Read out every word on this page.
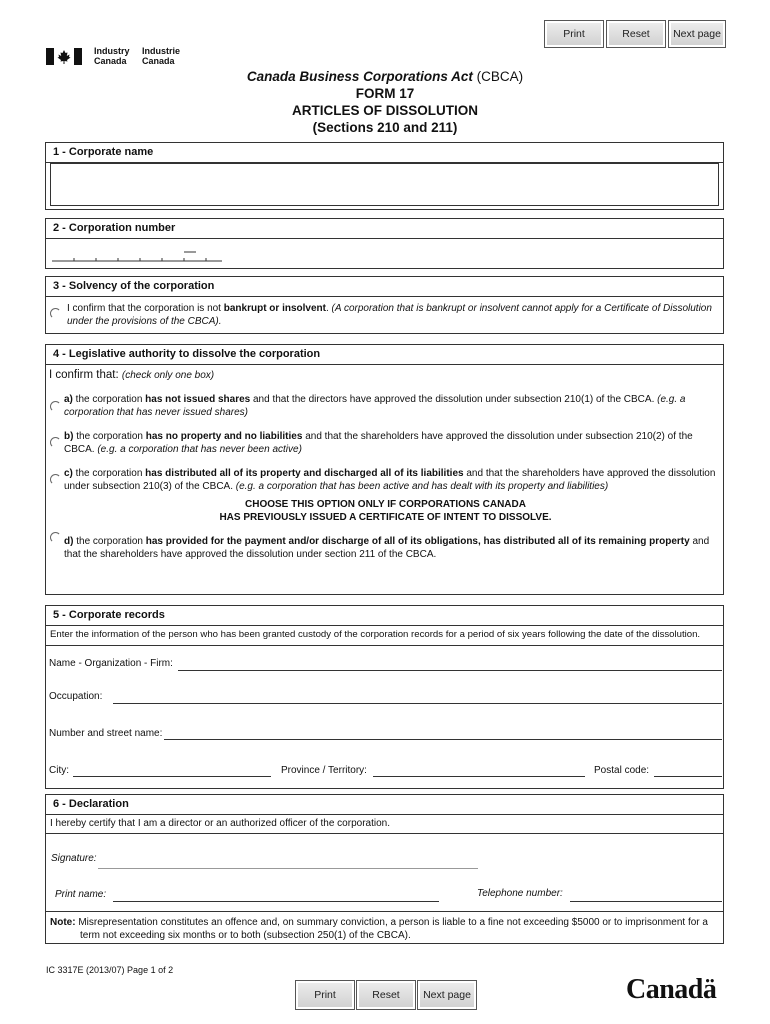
Print	Reset	Next page
Industry
Canada
Industrie
Canada
Canada Business Corporations Act (CBCA)
FORM 17
ARTICLES OF DISSOLUTION
(Sections 210 and 211)
1 - Corporate name
2 - Corporation number
3 - Solvency of the corporation
I confirm that the corporation is not bankrupt or insolvent. (A corporation that is bankrupt or insolvent cannot apply for a Certificate of Dissolution
under the provisions of the CBCA).
4 - Legislative authority to dissolve the corporation
I confirm that: (check only one box)
a) the corporation has not issued shares and that the directors have approved the dissolution under subsection 210(1) of the CBCA. (e.g. a
corporation that has never issued shares)
b) the corporation has no property and no liabilities and that the shareholders have approved the dissolution under subsection 210(2) of the
CBCA. (e.g. a corporation that has never been active)
c) the corporation has distributed all of its property and discharged all of its liabilities and that the shareholders have approved the dissolution
under subsection 210(3) of the CBCA. (e.g. a corporation that has been active and has dealt with its property and liabilities)
CHOOSE THIS OPTION ONLY IF CORPORATIONS CANADA
HAS PREVIOUSLY ISSUED A CERTIFICATE OF INTENT TO DISSOLVE.
d) the corporation has provided for the payment and/or discharge of all of its obligations, has distributed all of its remaining property and
that the shareholders have approved the dissolution under section 211 of the CBCA.
5 - Corporate records
Enter the information of the person who has been granted custody of the corporation records for a period of six years following the date of the dissolution.
Name - Organization - Firm:
Occupation:
Number and street name:
City:	Province / Territory:	Postal code:
6 - Declaration
I hereby certify that I am a director or an authorized officer of the corporation.
Signature:
Print name:	Telephone number:
Note: Misrepresentation constitutes an offence and, on summary conviction, a person is liable to a fine not exceeding $5000 or to imprisonment for a
term not exceeding six months or to both (subsection 250(1) of the CBCA).
IC 3317E (2013/07) Page 1 of 2
Print	Reset	Next page	Canadä
